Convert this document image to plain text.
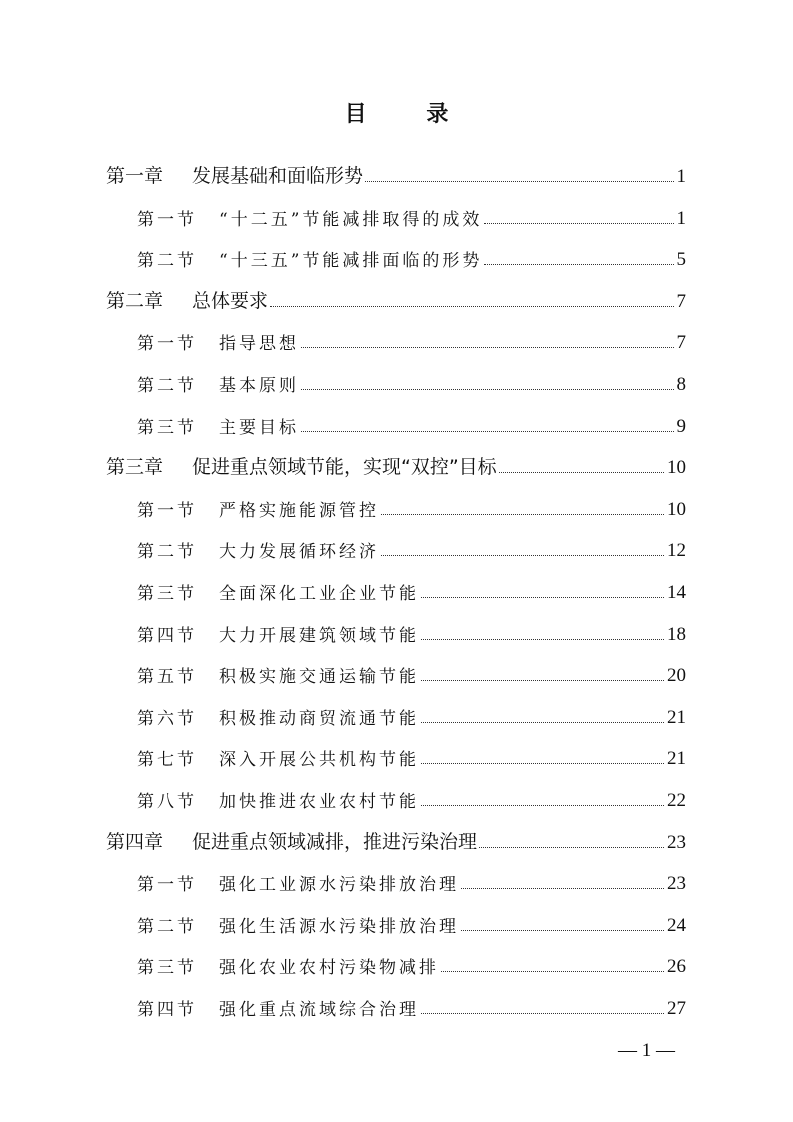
目 录
第一章	发展基础和面临形势	1
第一节	“十二五”节能减排取得的成效	1
第二节	“十三五”节能减排面临的形势	5
第二章	总体要求	7
第一节	指导思想	7
第二节	基本原则	8
第三节	主要目标	9
第三章	促进重点领域节能，实现“双控”目标	10
第一节	严格实施能源管控	10
第二节	大力发展循环经济	12
第三节	全面深化工业企业节能	14
第四节	大力开展建筑领域节能	18
第五节	积极实施交通运输节能	20
第六节	积极推动商贸流通节能	21
第七节	深入开展公共机构节能	21
第八节	加快推进农业农村节能	22
第四章	促进重点领域减排，推进污染治理	23
第一节	强化工业源水污染排放治理	23
第二节	强化生活源水污染排放治理	24
第三节	强化农业农村污染物减排	26
第四节	强化重点流域综合治理	27
— 1 —
